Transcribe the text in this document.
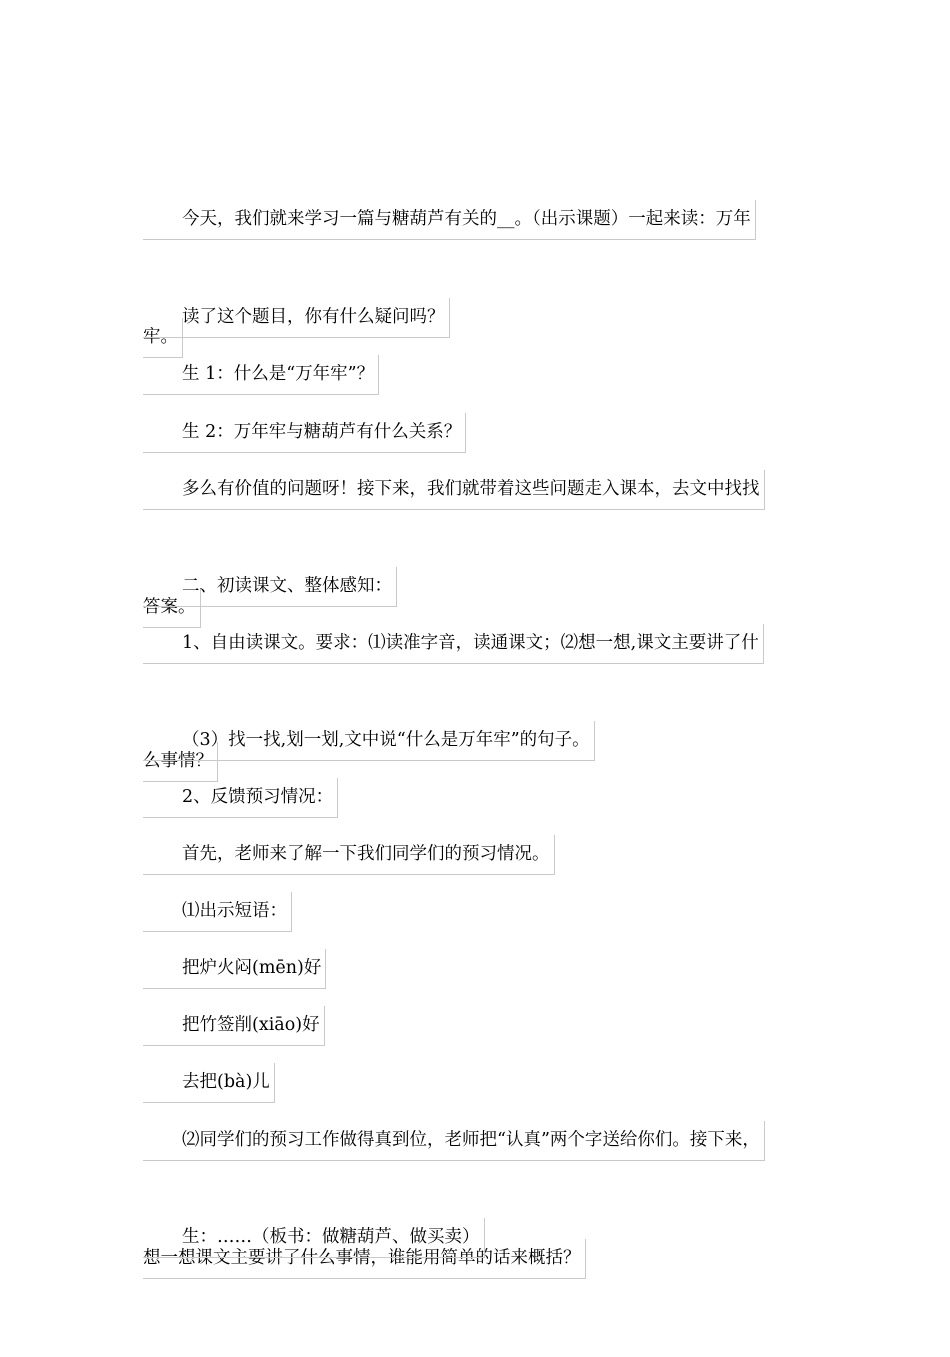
今天，我们就来学习一篇与糖葫芦有关的__。（出示课题）一起来读：万年

牢。

读了这个题目，你有什么疑问吗？

生 1：什么是“万年牢”？

生 2：万年牢与糖葫芦有什么关系？

多么有价值的问题呀！接下来，我们就带着这些问题走入课本，去文中找找

答案。

二、初读课文、整体感知：

1、自由读课文。要求：⑴读准字音，读通课文；⑵想一想,课文主要讲了什

么事情？

（3）找一找,划一划,文中说“什么是万年牢”的句子。

2、反馈预习情况：

首先，老师来了解一下我们同学们的预习情况。

⑴出示短语：

把炉火闷(mēn)好

把竹签削(xiāo)好

去把(bà)儿

⑵同学们的预习工作做得真到位，老师把“认真”两个字送给你们。接下来，

想一想课文主要讲了什么事情，谁能用简单的话来概括？

生：……（板书：做糖葫芦、做买卖）
